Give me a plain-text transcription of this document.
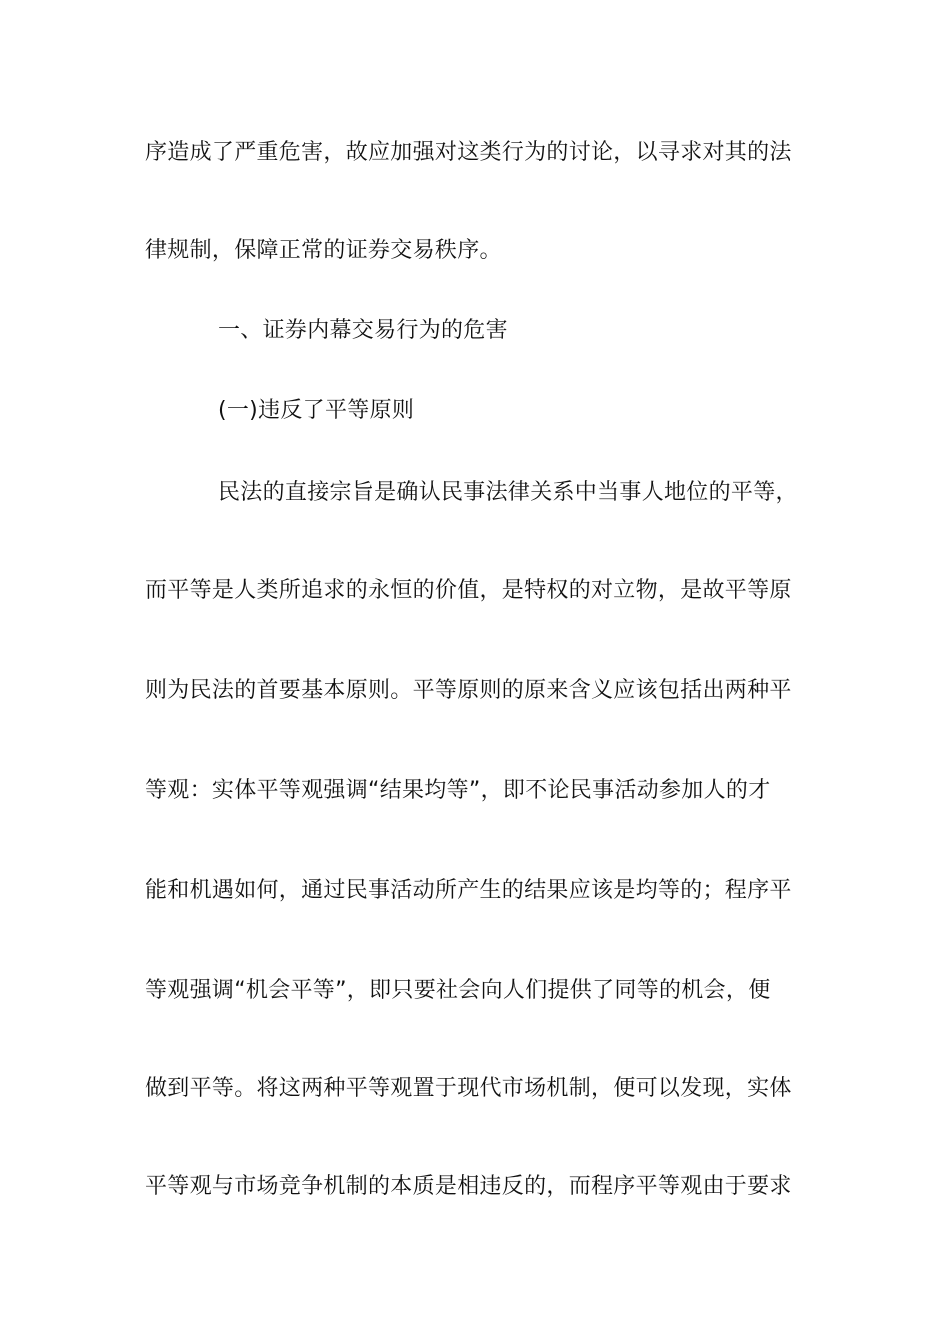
序造成了严重危害，故应加强对这类行为的讨论，以寻求对其的法
律规制，保障正常的证券交易秩序。
一、证券内幕交易行为的危害
(一)违反了平等原则
民法的直接宗旨是确认民事法律关系中当事人地位的平等，
而平等是人类所追求的永恒的价值，是特权的对立物，是故平等原
则为民法的首要基本原则。平等原则的原来含义应该包括出两种平
等观：实体平等观强调“结果均等”，即不论民事活动参加人的才
能和机遇如何，通过民事活动所产生的结果应该是均等的；程序平
等观强调“机会平等”，即只要社会向人们提供了同等的机会，便
做到平等。将这两种平等观置于现代市场机制，便可以发现，实体
平等观与市场竞争机制的本质是相违反的，而程序平等观由于要求
